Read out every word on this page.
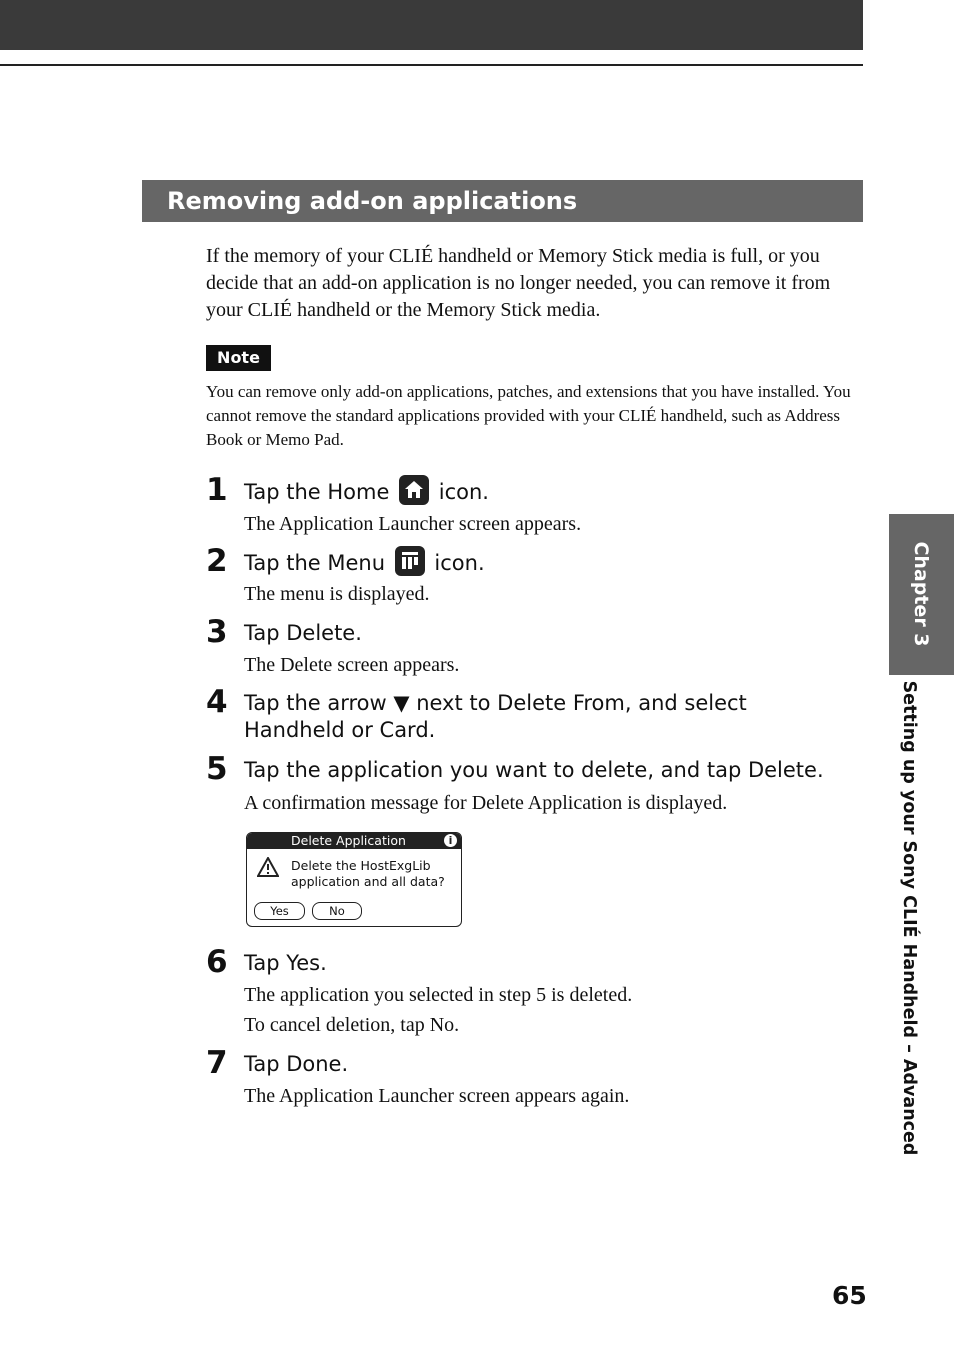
Removing add-on applications

If the memory of your CLIÉ handheld or Memory Stick media is full, or you decide that an add-on application is no longer needed, you can remove it from your CLIÉ handheld or the Memory Stick media.

Note

You can remove only add-on applications, patches, and extensions that you have installed. You cannot remove the standard applications provided with your CLIÉ handheld, such as Address Book or Memo Pad.

1 Tap the Home icon.
The Application Launcher screen appears.
2 Tap the Menu icon.
The menu is displayed.
3 Tap Delete.
The Delete screen appears.
4 Tap the arrow ▼ next to Delete From, and select Handheld or Card.
5 Tap the application you want to delete, and tap Delete.
A confirmation message for Delete Application is displayed.
Delete Application	i
Delete the HostExgLib application and all data?
Yes	No
6 Tap Yes.
The application you selected in step 5 is deleted.
To cancel deletion, tap No.
7 Tap Done.
The Application Launcher screen appears again.
Chapter 3
Setting up your Sony CLIÉ Handheld – Advanced
65
